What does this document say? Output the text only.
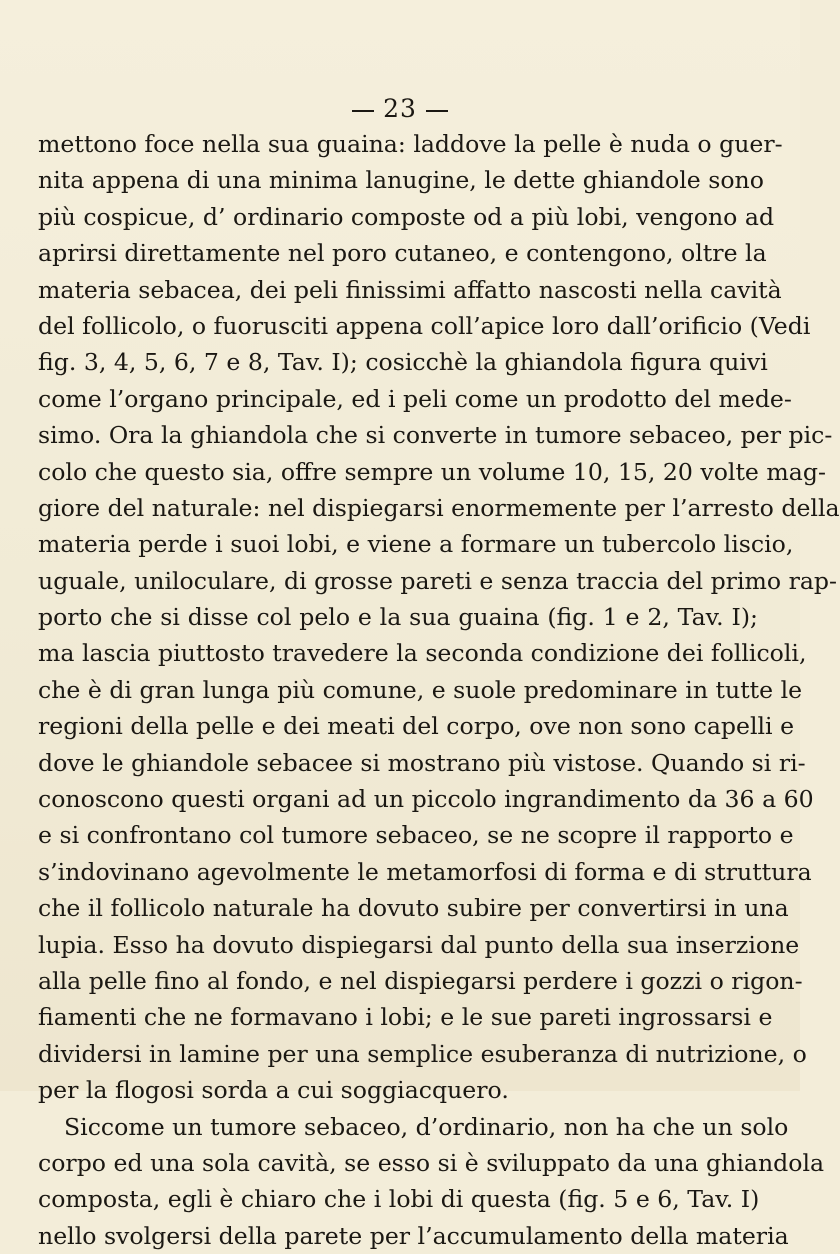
23
mettono foce nella sua guaina: laddove la pelle è nuda o guer-
nita appena di una minima lanugine, le dette ghiandole sono
più cospicue, d’ ordinario composte od a più lobi, vengono ad
aprirsi direttamente nel poro cutaneo, e contengono, oltre la
materia sebacea, dei peli finissimi affatto nascosti nella cavità
del follicolo, o fuorusciti appena coll’apice loro dall’orificio (Vedi
fig. 3, 4, 5, 6, 7 e 8, Tav. I); cosicchè la ghiandola figura quivi
come l’organo principale, ed i peli come un prodotto del mede-
simo. Ora la ghiandola che si converte in tumore sebaceo, per pic-
colo che questo sia, offre sempre un volume 10, 15, 20 volte mag-
giore del naturale: nel dispiegarsi enormemente per l’arresto della
materia perde i suoi lobi, e viene a formare un tubercolo liscio,
uguale, uniloculare, di grosse pareti e senza traccia del primo rap-
porto che si disse col pelo e la sua guaina (fig. 1 e 2, Tav. I);
ma lascia piuttosto travedere la seconda condizione dei follicoli,
che è di gran lunga più comune, e suole predominare in tutte le
regioni della pelle e dei meati del corpo, ove non sono capelli e
dove le ghiandole sebacee si mostrano più vistose. Quando si ri-
conoscono questi organi ad un piccolo ingrandimento da 36 a 60
e si confrontano col tumore sebaceo, se ne scopre il rapporto e
s’indovinano agevolmente le metamorfosi di forma e di struttura
che il follicolo naturale ha dovuto subire per convertirsi in una
lupia. Esso ha dovuto dispiegarsi dal punto della sua inserzione
alla pelle fino al fondo, e nel dispiegarsi perdere i gozzi o rigon-
fiamenti che ne formavano i lobi; e le sue pareti ingrossarsi e
dividersi in lamine per una semplice esuberanza di nutrizione, o
per la flogosi sorda a cui soggiacquero.
Siccome un tumore sebaceo, d’ordinario, non ha che un solo
corpo ed una sola cavità, se esso si è sviluppato da una ghiandola
composta, egli è chiaro che i lobi di questa (fig. 5 e 6, Tav. I)
nello svolgersi della parete per l’accumulamento della materia
